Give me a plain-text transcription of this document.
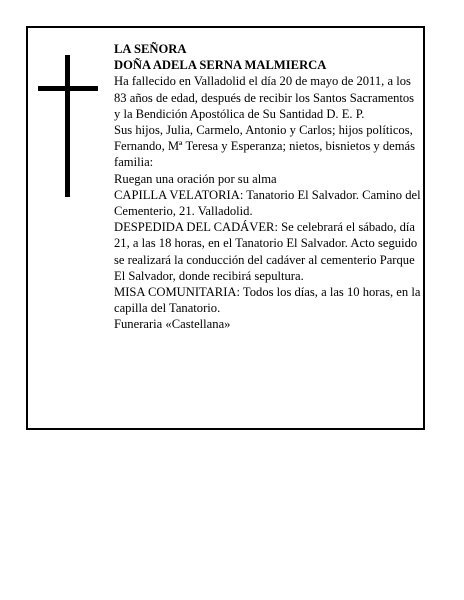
LA SEÑORA

DOÑA ADELA SERNA MALMIERCA

Ha fallecido en Valladolid el día 20 de mayo de 2011, a los 83 años de edad, después de recibir los Santos Sacramentos y la Bendición Apostólica de Su Santidad D. E. P.

Sus hijos, Julia, Carmelo, Antonio y Carlos; hijos políticos, Fernando, Mª Teresa y Esperanza; nietos, bisnietos y demás familia:

Ruegan una oración por su alma

CAPILLA VELATORIA: Tanatorio El Salvador. Camino del Cementerio, 21. Valladolid.

DESPEDIDA DEL CADÁVER: Se celebrará el sábado, día 21, a las 18 horas, en el Tanatorio El Salvador. Acto seguido se realizará la conducción del cadáver al cementerio Parque El Salvador, donde recibirá sepultura.

MISA COMUNITARIA: Todos los días, a las 10 horas, en la capilla del Tanatorio.

Funeraria «Castellana»
